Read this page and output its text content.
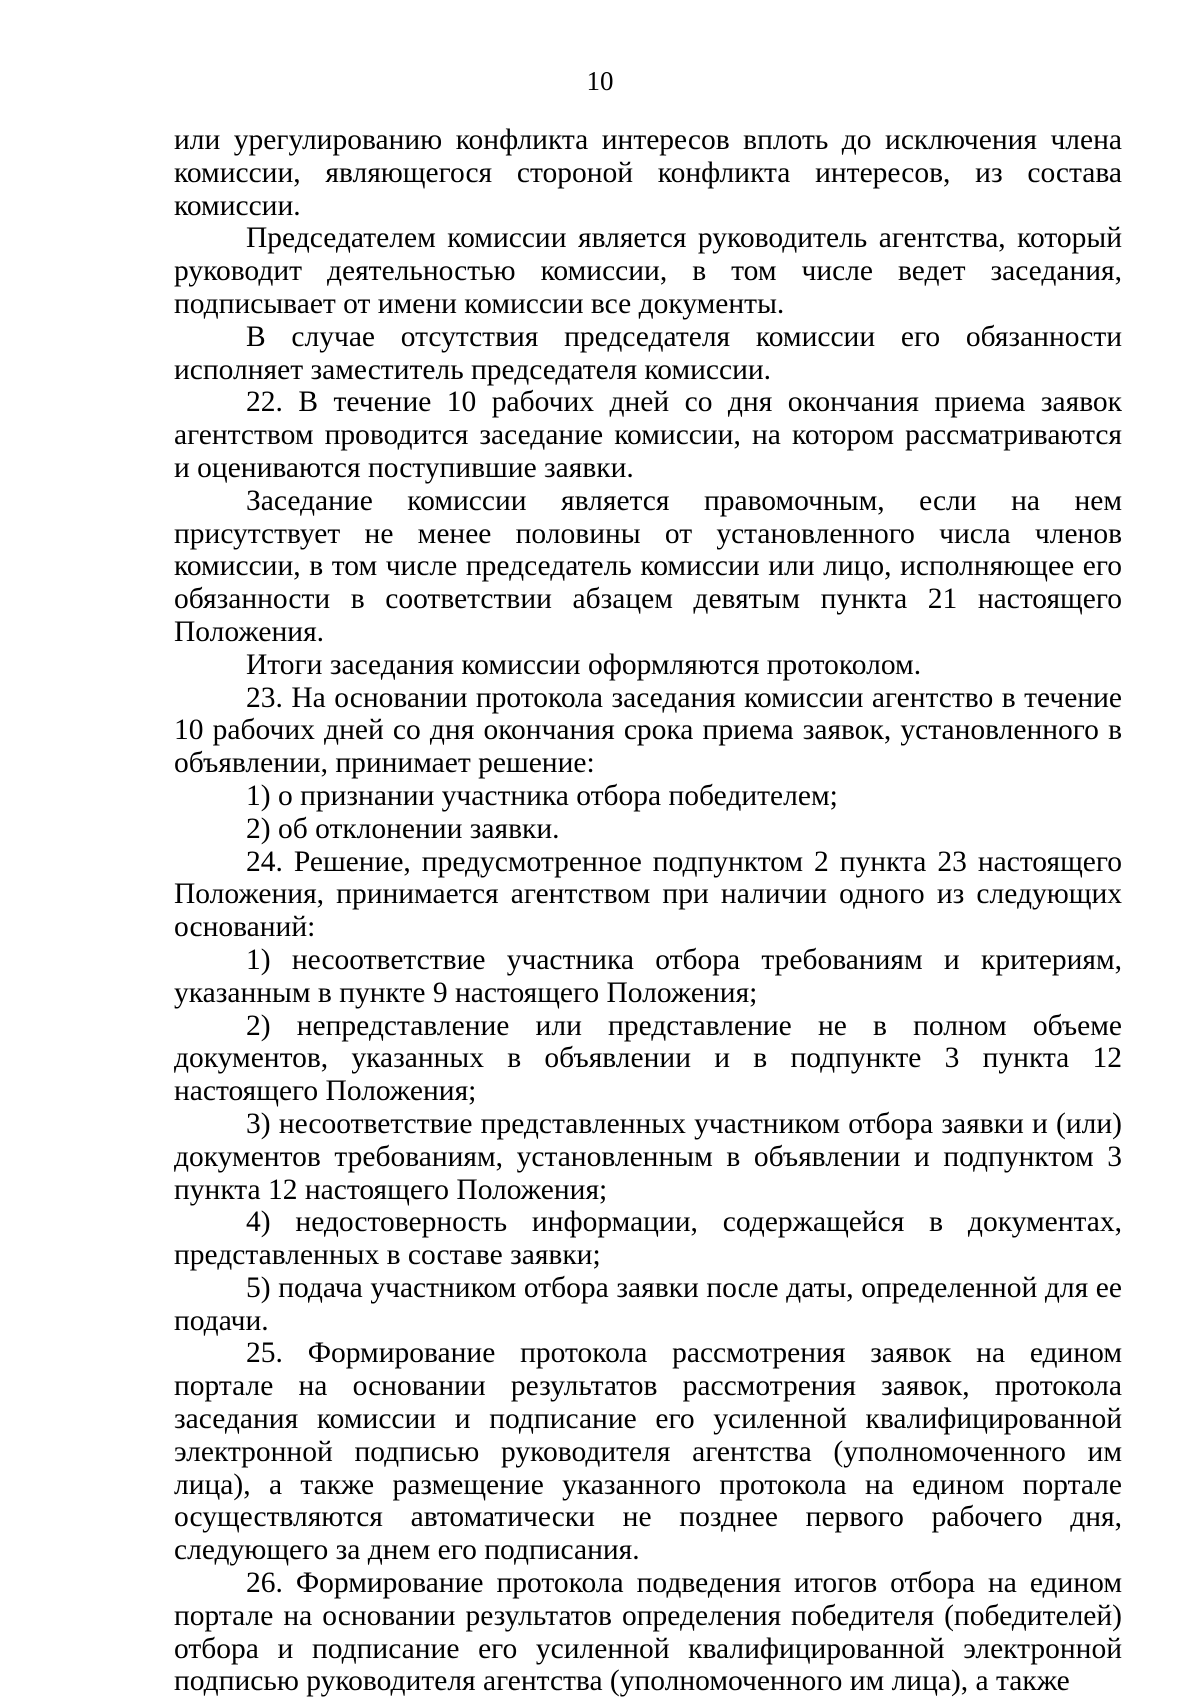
10

или урегулированию конфликта интересов вплоть до исключения члена комиссии, являющегося стороной конфликта интересов, из состава комиссии.

Председателем комиссии является руководитель агентства, который руководит деятельностью комиссии, в том числе ведет заседания, подписывает от имени комиссии все документы.

В случае отсутствия председателя комиссии его обязанности исполняет заместитель председателя комиссии.

22. В течение 10 рабочих дней со дня окончания приема заявок агентством проводится заседание комиссии, на котором рассматриваются и оцениваются поступившие заявки.

Заседание комиссии является правомочным, если на нем присутствует не менее половины от установленного числа членов комиссии, в том числе председатель комиссии или лицо, исполняющее его обязанности в соответствии абзацем девятым пункта 21 настоящего Положения.

Итоги заседания комиссии оформляются протоколом.

23. На основании протокола заседания комиссии агентство в течение 10 рабочих дней со дня окончания срока приема заявок, установленного в объявлении, принимает решение:

1) о признании участника отбора победителем;

2) об отклонении заявки.

24. Решение, предусмотренное подпунктом 2 пункта 23 настоящего Положения, принимается агентством при наличии одного из следующих оснований:

1) несоответствие участника отбора требованиям и критериям, указанным в пункте 9 настоящего Положения;

2) непредставление или представление не в полном объеме документов, указанных в объявлении и в подпункте 3 пункта 12 настоящего Положения;

3) несоответствие представленных участником отбора заявки и (или) документов требованиям, установленным в объявлении и подпунктом 3 пункта 12 настоящего Положения;

4) недостоверность информации, содержащейся в документах, представленных в составе заявки;

5) подача участником отбора заявки после даты, определенной для ее подачи.

25. Формирование протокола рассмотрения заявок на едином портале на основании результатов рассмотрения заявок, протокола заседания комиссии и подписание его усиленной квалифицированной электронной подписью руководителя агентства (уполномоченного им лица), а также размещение указанного протокола на едином портале осуществляются автоматически не позднее первого рабочего дня, следующего за днем его подписания.

26. Формирование протокола подведения итогов отбора на едином портале на основании результатов определения победителя (победителей) отбора и подписание его усиленной квалифицированной электронной подписью руководителя агентства (уполномоченного им лица), а также
